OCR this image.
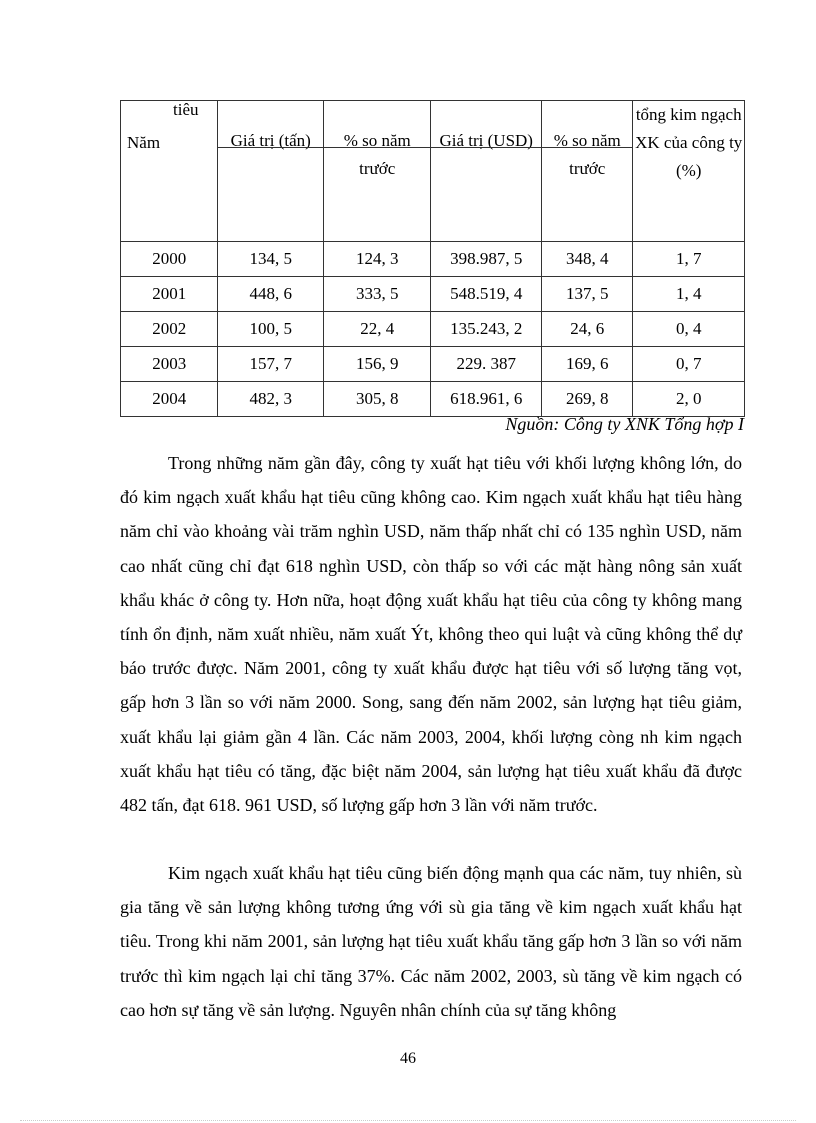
tiêu
Năm	Giá trị (tấn)	% so năm trước	Giá trị (USD)	% so năm trước	tổng kim ngạch XK của công ty (%)

2000	134, 5	124, 3	398.987, 5	348, 4	1, 7
2001	448, 6	333, 5	548.519, 4	137, 5	1, 4
2002	100, 5	22, 4	135.243, 2	24, 6	0, 4
2003	157, 7	156, 9	229. 387	169, 6	0, 7
2004	482, 3	305, 8	618.961, 6	269, 8	2, 0
Nguồn: Công ty XNK Tổng hợp I

Trong những năm gần đây, công ty xuất hạt tiêu với khối lượng không lớn, do đó kim ngạch xuất khẩu hạt tiêu cũng không cao. Kim ngạch xuất khẩu hạt tiêu hàng năm chỉ vào khoảng vài trăm nghìn USD, năm thấp nhất chỉ có 135 nghìn USD, năm cao nhất cũng chỉ đạt 618 nghìn USD, còn thấp so với các mặt hàng nông sản xuất khẩu khác ở công ty. Hơn nữa, hoạt động xuất khẩu hạt tiêu của công ty không mang tính ổn định, năm xuất nhiều, năm xuất Ýt, không theo qui luật và cũng không thể dự báo trước được. Năm 2001, công ty xuất khẩu được hạt tiêu với số lượng tăng vọt, gấp hơn 3 lần so với năm 2000. Song, sang đến năm 2002, sản lượng hạt tiêu giảm, xuất khẩu lại giảm gần 4 lần. Các năm 2003, 2004, khối lượng còng nh kim ngạch xuất khẩu hạt tiêu có tăng, đặc biệt năm 2004, sản lượng hạt tiêu xuất khẩu đã được 482 tấn, đạt 618. 961 USD, số lượng gấp hơn 3 lần với năm trước.

Kim ngạch xuất khẩu hạt tiêu cũng biến động mạnh qua các năm, tuy nhiên, sù gia tăng về sản lượng không tương ứng với sù gia tăng về kim ngạch xuất khẩu hạt tiêu. Trong khi năm 2001, sản lượng hạt tiêu xuất khẩu tăng gấp hơn 3 lần so với năm trước thì kim ngạch lại chỉ tăng 37%. Các năm 2002, 2003, sù tăng về kim ngạch có cao hơn sự tăng về sản lượng. Nguyên nhân chính của sự tăng không

46
